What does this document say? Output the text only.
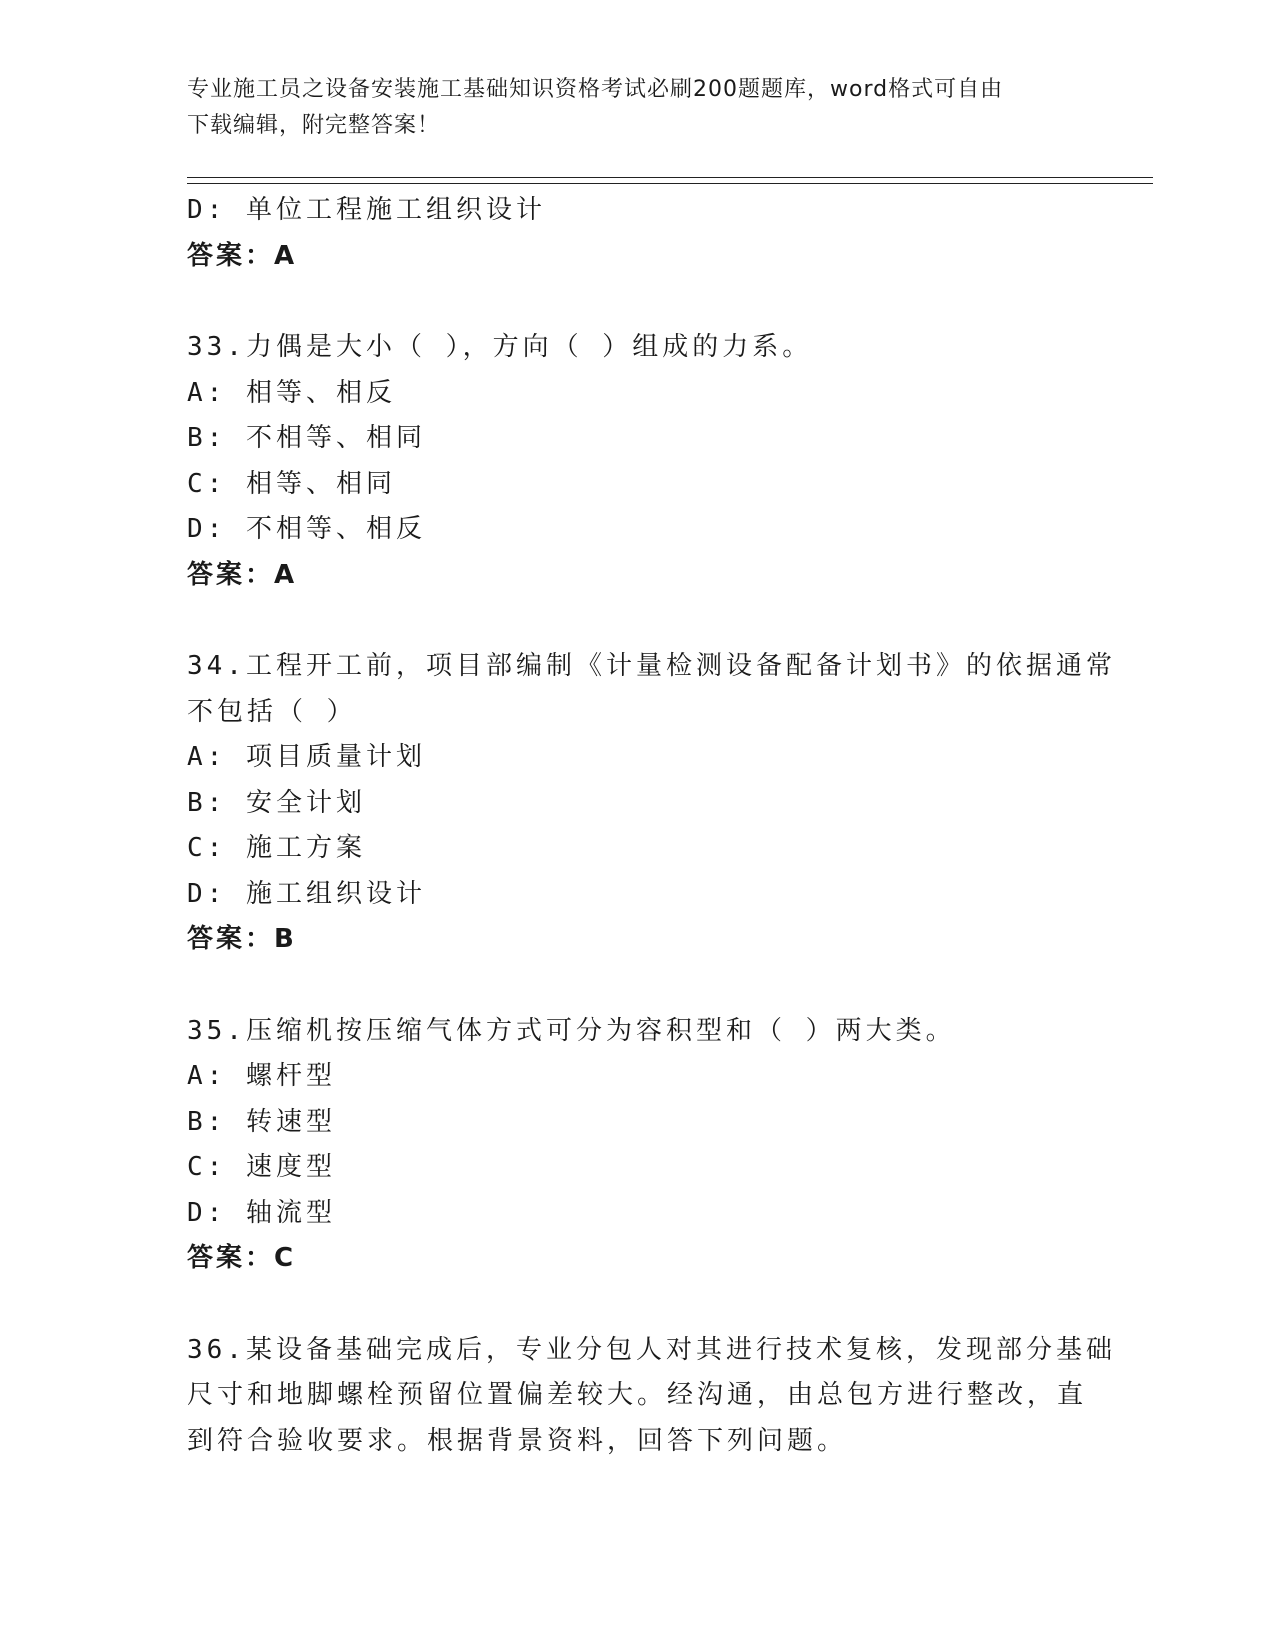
专业施工员之设备安装施工基础知识资格考试必刷200题题库，word格式可自由
下载编辑，附完整答案！
D: 单位工程施工组织设计
答案：A
33.力偶是大小（ ），方向（ ）组成的力系。
A: 相等、相反
B: 不相等、相同
C: 相等、相同
D: 不相等、相反
答案：A
34.工程开工前，项目部编制《计量检测设备配备计划书》的依据通常
不包括（ ）
A: 项目质量计划
B: 安全计划
C: 施工方案
D: 施工组织设计
答案：B
35.压缩机按压缩气体方式可分为容积型和（ ）两大类。
A: 螺杆型
B: 转速型
C: 速度型
D: 轴流型
答案：C
36.某设备基础完成后，专业分包人对其进行技术复核，发现部分基础
尺寸和地脚螺栓预留位置偏差较大。经沟通，由总包方进行整改，直
到符合验收要求。根据背景资料，回答下列问题。
